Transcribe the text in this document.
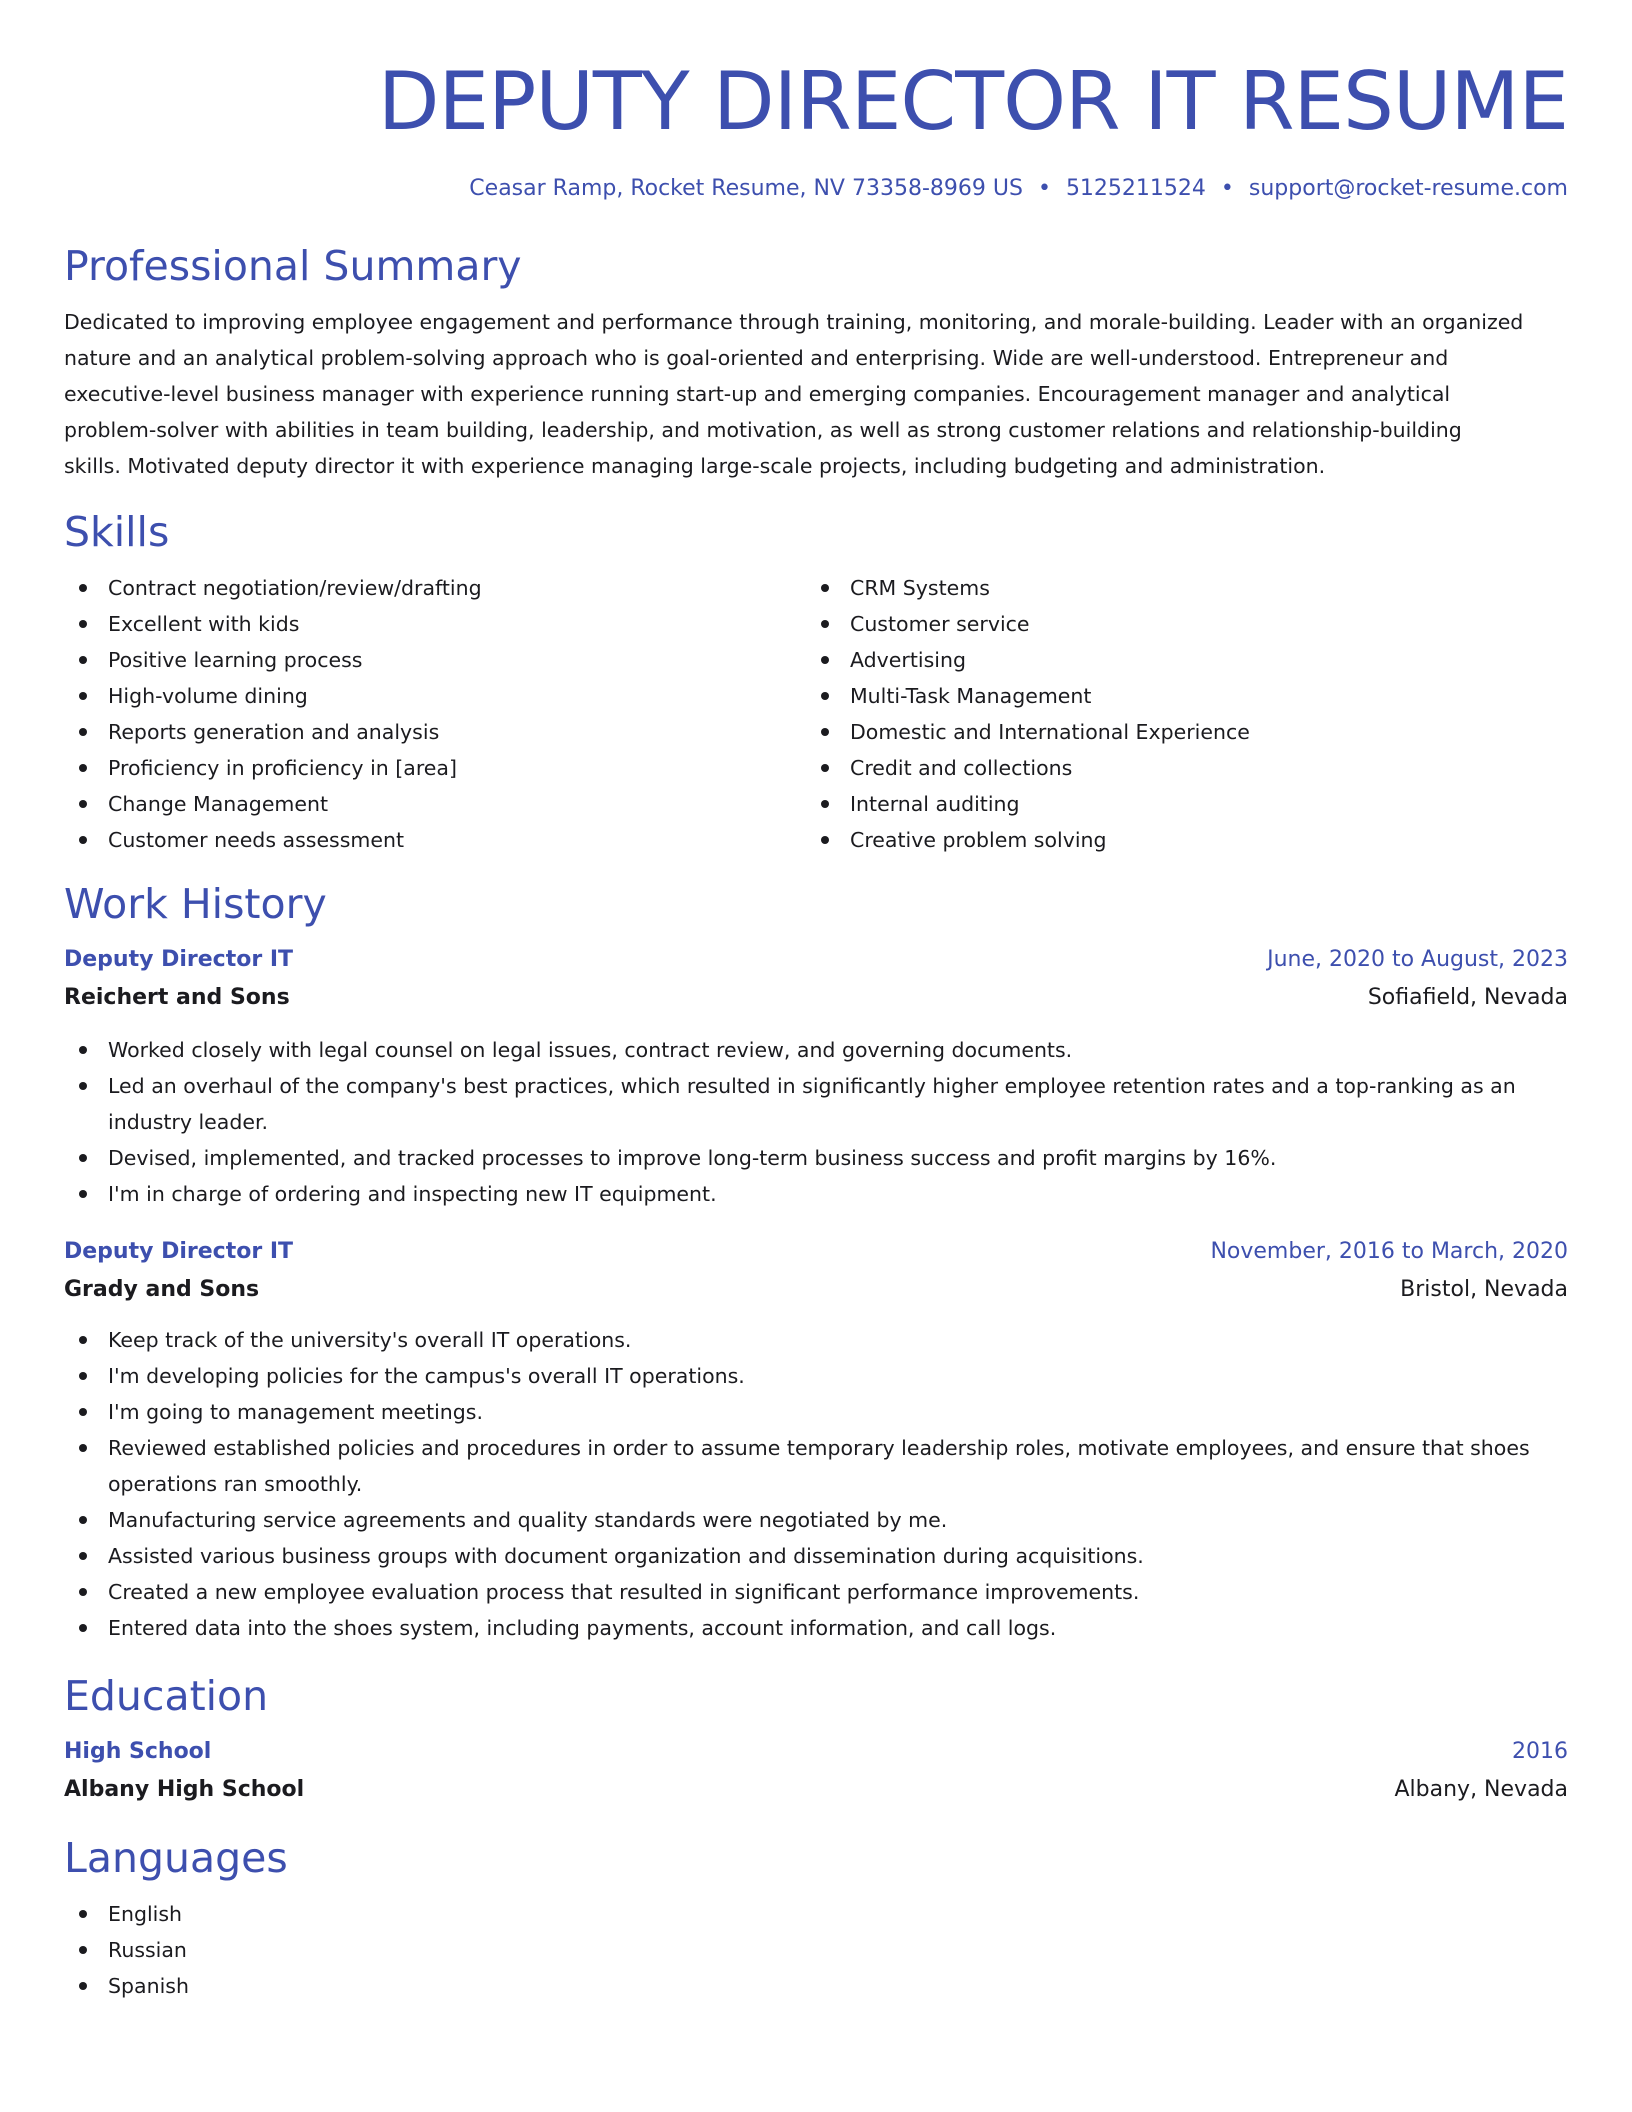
DEPUTY DIRECTOR IT RESUME
Ceasar Ramp, Rocket Resume, NV 73358-8969 US • 5125211524 • support@rocket-resume.com
Professional Summary
Dedicated to improving employee engagement and performance through training, monitoring, and morale-building. Leader with an organized
nature and an analytical problem-solving approach who is goal-oriented and enterprising. Wide are well-understood. Entrepreneur and
executive-level business manager with experience running start-up and emerging companies. Encouragement manager and analytical
problem-solver with abilities in team building, leadership, and motivation, as well as strong customer relations and relationship-building
skills. Motivated deputy director it with experience managing large-scale projects, including budgeting and administration.
Skills
Contract negotiation/review/drafting
Excellent with kids
Positive learning process
High-volume dining
Reports generation and analysis
Proficiency in proficiency in [area]
Change Management
Customer needs assessment
CRM Systems
Customer service
Advertising
Multi-Task Management
Domestic and International Experience
Credit and collections
Internal auditing
Creative problem solving
Work History
Deputy Director IT	June, 2020 to August, 2023
Reichert and Sons	Sofiafield, Nevada
Worked closely with legal counsel on legal issues, contract review, and governing documents.
Led an overhaul of the company's best practices, which resulted in significantly higher employee retention rates and a top-ranking as an
industry leader.
Devised, implemented, and tracked processes to improve long-term business success and profit margins by 16%.
I'm in charge of ordering and inspecting new IT equipment.
Deputy Director IT	November, 2016 to March, 2020
Grady and Sons	Bristol, Nevada
Keep track of the university's overall IT operations.
I'm developing policies for the campus's overall IT operations.
I'm going to management meetings.
Reviewed established policies and procedures in order to assume temporary leadership roles, motivate employees, and ensure that shoes
operations ran smoothly.
Manufacturing service agreements and quality standards were negotiated by me.
Assisted various business groups with document organization and dissemination during acquisitions.
Created a new employee evaluation process that resulted in significant performance improvements.
Entered data into the shoes system, including payments, account information, and call logs.
Education
High School	2016
Albany High School	Albany, Nevada
Languages
English
Russian
Spanish
